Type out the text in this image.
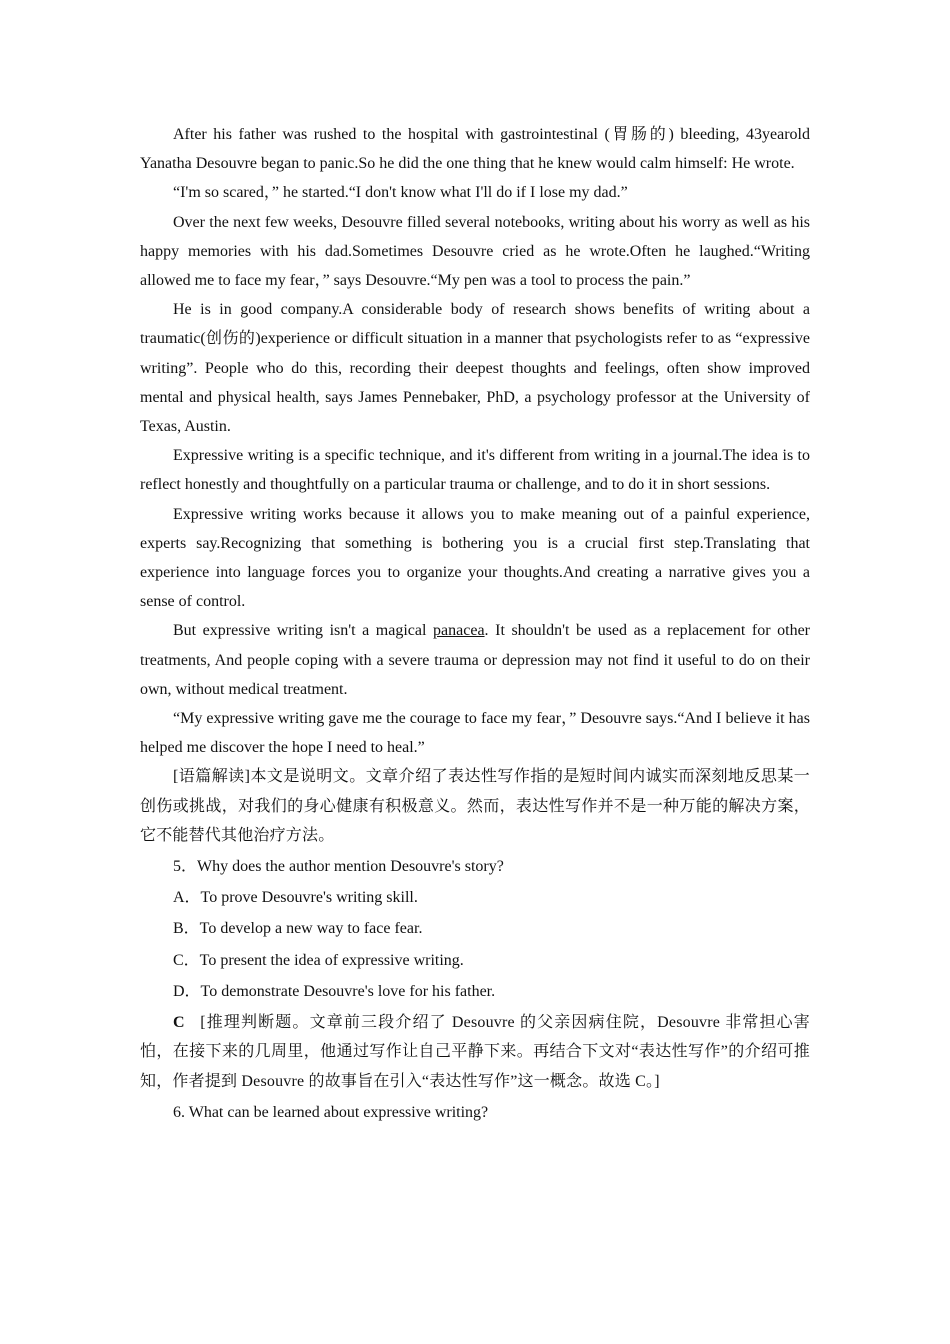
After his father was rushed to the hospital with gastrointestinal (胃肠的) bleeding, 43yearold Yanatha Desouvre began to panic.So he did the one thing that he knew would calm himself: He wrote.

“I'm so scared，” he started.“I don't know what I'll do if I lose my dad.”

Over the next few weeks, Desouvre filled several notebooks, writing about his worry as well as his happy memories with his dad.Sometimes Desouvre cried as he wrote.Often he laughed.“Writing allowed me to face my fear，” says Desouvre.“My pen was a tool to process the pain.”

He is in good company.A considerable body of research shows benefits of writing about a traumatic(创伤的)experience or difficult situation in a manner that psychologists refer to as “expressive writing”. People who do this, recording their deepest thoughts and feelings, often show improved mental and physical health, says James Pennebaker, PhD, a psychology professor at the University of Texas, Austin.

Expressive writing is a specific technique, and it's different from writing in a journal.The idea is to reflect honestly and thoughtfully on a particular trauma or challenge, and to do it in short sessions.

Expressive writing works because it allows you to make meaning out of a painful experience, experts say.Recognizing that something is bothering you is a crucial first step.Translating that experience into language forces you to organize your thoughts.And creating a narrative gives you a sense of control.

But expressive writing isn't a magical panacea. It shouldn't be used as a replacement for other treatments, And people coping with a severe trauma or depression may not find it useful to do on their own, without medical treatment.

“My expressive writing gave me the courage to face my fear，” Desouvre says.“And I believe it has helped me discover the hope I need to heal.”

[语篇解读]本文是说明文。文章介绍了表达性写作指的是短时间内诚实而深刻地反思某一创伤或挑战，对我们的身心健康有积极意义。然而，表达性写作并不是一种万能的解决方案，它不能替代其他治疗方法。

5．Why does the author mention Desouvre's story?

A．To prove Desouvre's writing skill.

B．To develop a new way to face fear.

C．To present the idea of expressive writing.

D．To demonstrate Desouvre's love for his father.

C [推理判断题。文章前三段介绍了 Desouvre 的父亲因病住院，Desouvre 非常担心害怕，在接下来的几周里，他通过写作让自己平静下来。再结合下文对“表达性写作”的介绍可推知，作者提到 Desouvre 的故事旨在引入“表达性写作”这一概念。故选 C。]

6. What can be learned about expressive writing?
